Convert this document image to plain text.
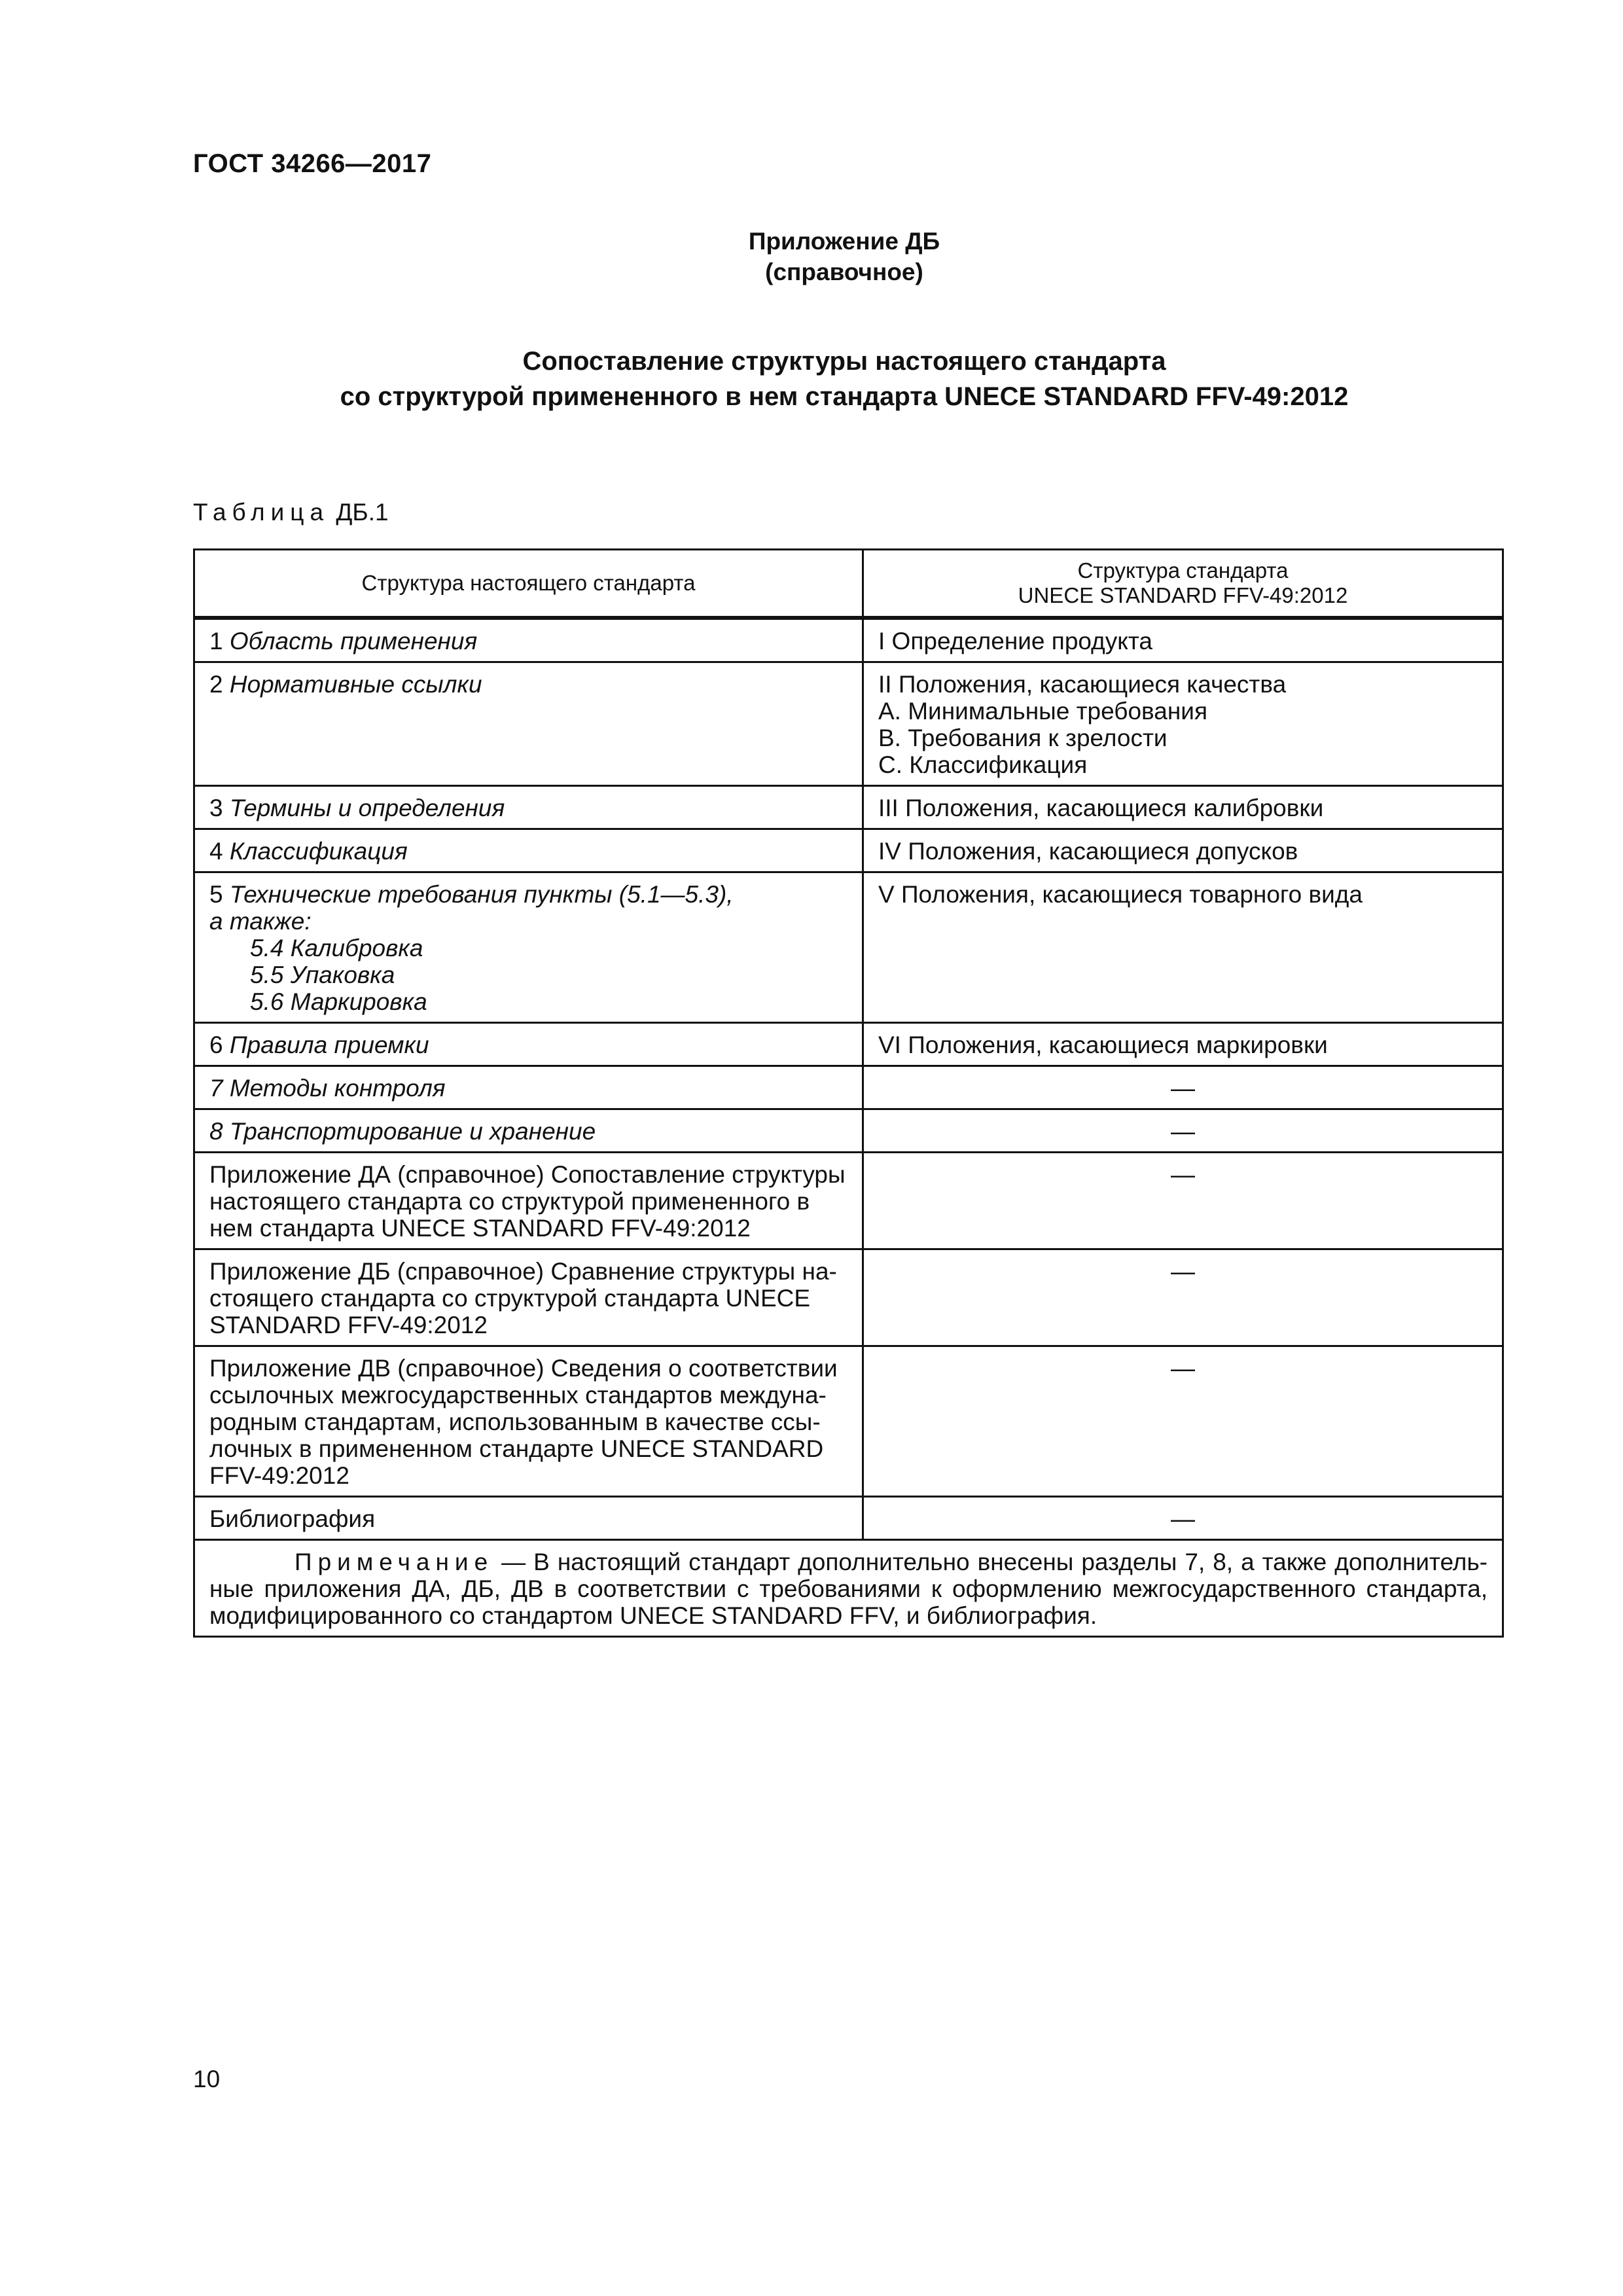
ГОСТ 34266—2017
Приложение ДБ
(справочное)
Сопоставление структуры настоящего стандарта
со структурой примененного в нем стандарта UNECE STANDARD FFV-49:2012
Таблица ДБ.1
Структура настоящего стандарта	Структура стандарта
UNECE STANDARD FFV-49:2012

1 Область применения	I Определение продукта
2 Нормативные ссылки	II Положения, касающиеся качества
A. Минимальные требования
B. Требования к зрелости
C. Классификация

3 Термины и определения	III Положения, касающиеся калибровки
4 Классификация	IV Положения, касающиеся допусков

5 Технические требования пункты (5.1—5.3),
а также:
5.4 Калибровка
5.5 Упаковка
5.6 Маркировка	V Положения, касающиеся товарного вида
6 Правила приемки	VI Положения, касающиеся маркировки
7 Методы контроля	—
8 Транспортирование и хранение	—

Приложение ДА (справочное) Сопоставление структуры
настоящего стандарта со структурой примененного в
нем стандарта UNECE STANDARD FFV-49:2012	—

Приложение ДБ (справочное) Сравнение структуры на-
стоящего стандарта со структурой стандарта UNECE
STANDARD FFV-49:2012	—

Приложение ДВ (справочное) Сведения о соответствии
ссылочных межгосударственных стандартов междуна-
родным стандартам, использованным в качестве ссы-
лочных в примененном стандарте UNECE STANDARD
FFV-49:2012	—
Библиография	—
Примечание — В настоящий стандарт дополнительно внесены разделы 7, 8, а также дополнительные приложения ДА, ДБ, ДВ в соответствии с требованиями к оформлению межгосударственного стандарта, модифицированного со стандартом UNECE STANDARD FFV, и библиография.	
10
